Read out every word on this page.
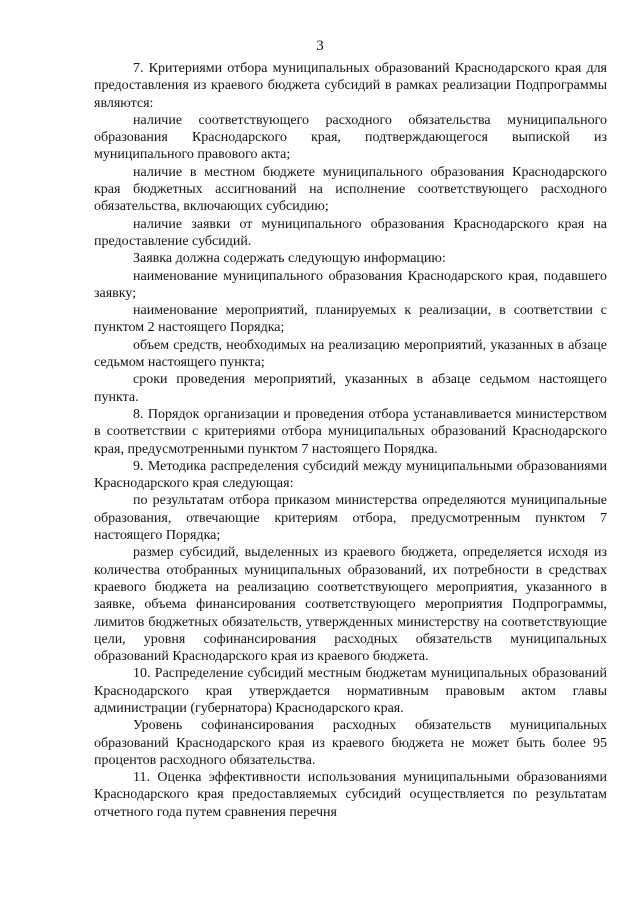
3

7. Критериями отбора муниципальных образований Краснодарского края для предоставления из краевого бюджета субсидий в рамках реализации Подпрограммы являются:

наличие соответствующего расходного обязательства муниципального образования Краснодарского края, подтверждающегося выпиской из муниципального правового акта;

наличие в местном бюджете муниципального образования Краснодарского края бюджетных ассигнований на исполнение соответствующего расходного обязательства, включающих субсидию;

наличие заявки от муниципального образования Краснодарского края на предоставление субсидий.

Заявка должна содержать следующую информацию:

наименование муниципального образования Краснодарского края, подавшего заявку;

наименование мероприятий, планируемых к реализации, в соответствии с пунктом 2 настоящего Порядка;

объем средств, необходимых на реализацию мероприятий, указанных в абзаце седьмом настоящего пункта;

сроки проведения мероприятий, указанных в абзаце седьмом настоящего пункта.

8. Порядок организации и проведения отбора устанавливается министерством в соответствии с критериями отбора муниципальных образований Краснодарского края, предусмотренными пунктом 7 настоящего Порядка.

9. Методика распределения субсидий между муниципальными образованиями Краснодарского края следующая:

по результатам отбора приказом министерства определяются муниципальные образования, отвечающие критериям отбора, предусмотренным пунктом 7 настоящего Порядка;

размер субсидий, выделенных из краевого бюджета, определяется исходя из количества отобранных муниципальных образований, их потребности в средствах краевого бюджета на реализацию соответствующего мероприятия, указанного в заявке, объема финансирования соответствующего мероприятия Подпрограммы, лимитов бюджетных обязательств, утвержденных министерству на соответствующие цели, уровня софинансирования расходных обязательств муниципальных образований Краснодарского края из краевого бюджета.

10. Распределение субсидий местным бюджетам муниципальных образований Краснодарского края утверждается нормативным правовым актом главы администрации (губернатора) Краснодарского края.

Уровень софинансирования расходных обязательств муниципальных образований Краснодарского края из краевого бюджета не может быть более 95 процентов расходного обязательства.

11. Оценка эффективности использования муниципальными образованиями Краснодарского края предоставляемых субсидий осуществляется по результатам отчетного года путем сравнения перечня
